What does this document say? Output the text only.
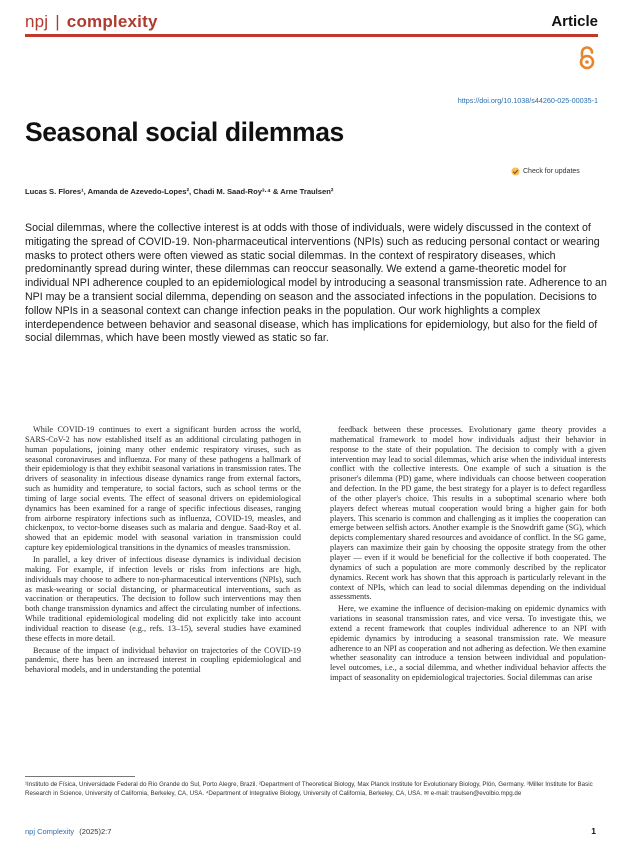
npj | complexity	Article
https://doi.org/10.1038/s44260-025-00035-1
Seasonal social dilemmas
Check for updates
Lucas S. Flores¹, Amanda de Azevedo-Lopes², Chadi M. Saad-Roy³·⁴ & Arne Traulsen²

Social dilemmas, where the collective interest is at odds with those of individuals, were widely discussed in the context of mitigating the spread of COVID-19. Non-pharmaceutical interventions (NPIs) such as reducing personal contact or wearing masks to protect others were often viewed as static social dilemmas. In the context of respiratory diseases, which predominantly spread during winter, these dilemmas can reoccur seasonally. We extend a game-theoretic model for individual NPI adherence coupled to an epidemiological model by introducing a seasonal transmission rate. Adherence to an NPI may be a transient social dilemma, depending on season and the associated infections in the population. Decisions to follow NPIs in a seasonal context can change infection peaks in the population. Our work highlights a complex interdependence between behavior and seasonal disease, which has implications for epidemiology, but also for the field of social dilemmas, which have been mostly viewed as static so far.

While COVID-19 continues to exert a significant burden across the world, SARS-CoV-2 has now established itself as an additional circulating pathogen in human populations, joining many other endemic respiratory viruses, such as seasonal coronaviruses and influenza. For many of these pathogens a hallmark of their epidemiology is that they exhibit seasonal variations in transmission rates. The drivers of seasonality in infectious disease dynamics range from external factors, such as humidity and temperature, to social factors, such as school terms or the timing of large social events. The effect of seasonal drivers on epidemiological dynamics has been examined for a range of specific infectious diseases, ranging from airborne respiratory infections such as influenza, COVID-19, measles, and chickenpox, to vector-borne diseases such as malaria and dengue. Saad-Roy et al. showed that an epidemic model with seasonal variation in transmission could capture key epidemiological transitions in the dynamics of measles transmission.

In parallel, a key driver of infectious disease dynamics is individual decision making. For example, if infection levels or risks from infections are high, individuals may choose to adhere to non-pharmaceutical interventions (NPIs), such as mask-wearing or social distancing, or pharmaceutical interventions, such as vaccination or therapeutics. The decision to follow such interventions may then both change transmission dynamics and affect the circulating number of infections. While traditional epidemiological modeling did not explicitly take into account individual reaction to disease (e.g., refs. 13–15), several studies have examined these effects in more detail.

Because of the impact of individual behavior on trajectories of the COVID-19 pandemic, there has been an increased interest in coupling epidemiological and behavioral models, and in understanding the potential

feedback between these processes. Evolutionary game theory provides a mathematical framework to model how individuals adjust their behavior in response to the state of their population. The decision to comply with a given intervention may lead to social dilemmas, which arise when the individual interests conflict with the collective interests. One example of such a situation is the prisoner's dilemma (PD) game, where individuals can choose between cooperation and defection. In the PD game, the best strategy for a player is to defect regardless of the other player's choice. This results in a suboptimal scenario where both players defect whereas mutual cooperation would bring a higher gain for both players. This scenario is common and challenging as it implies the cooperation can emerge between selfish actors. Another example is the Snowdrift game (SG), which depicts complementary shared resources and avoidance of conflict. In the SG game, players can maximize their gain by choosing the opposite strategy from the other player — even if it would be beneficial for the collective if both cooperated. The dynamics of such a population are more commonly described by the replicator dynamics. Recent work has shown that this approach is particularly relevant in the context of NPIs, which can lead to social dilemmas depending on the individual assessments.

Here, we examine the influence of decision-making on epidemic dynamics with variations in seasonal transmission rates, and vice versa. To investigate this, we extend a recent framework that couples individual adherence to an NPI with epidemic dynamics by introducing a seasonal transmission rate. We measure adherence to an NPI as cooperation and not adhering as defection. We then examine whether seasonality can introduce a tension between individual and population-level outcomes, i.e., a social dilemma, and whether individual behavior affects the impact of seasonality on epidemiological trajectories. Social dilemmas can arise

¹Instituto de Física, Universidade Federal do Rio Grande do Sul, Porto Alegre, Brazil. ²Department of Theoretical Biology, Max Planck Institute for Evolutionary Biology, Plön, Germany. ³Miller Institute for Basic Research in Science, University of California, Berkeley, CA, USA. ⁴Department of Integrative Biology, University of California, Berkeley, CA, USA. ✉ e-mail: traulsen@evolbio.mpg.de
npj Complexity (2025)2:7	1
